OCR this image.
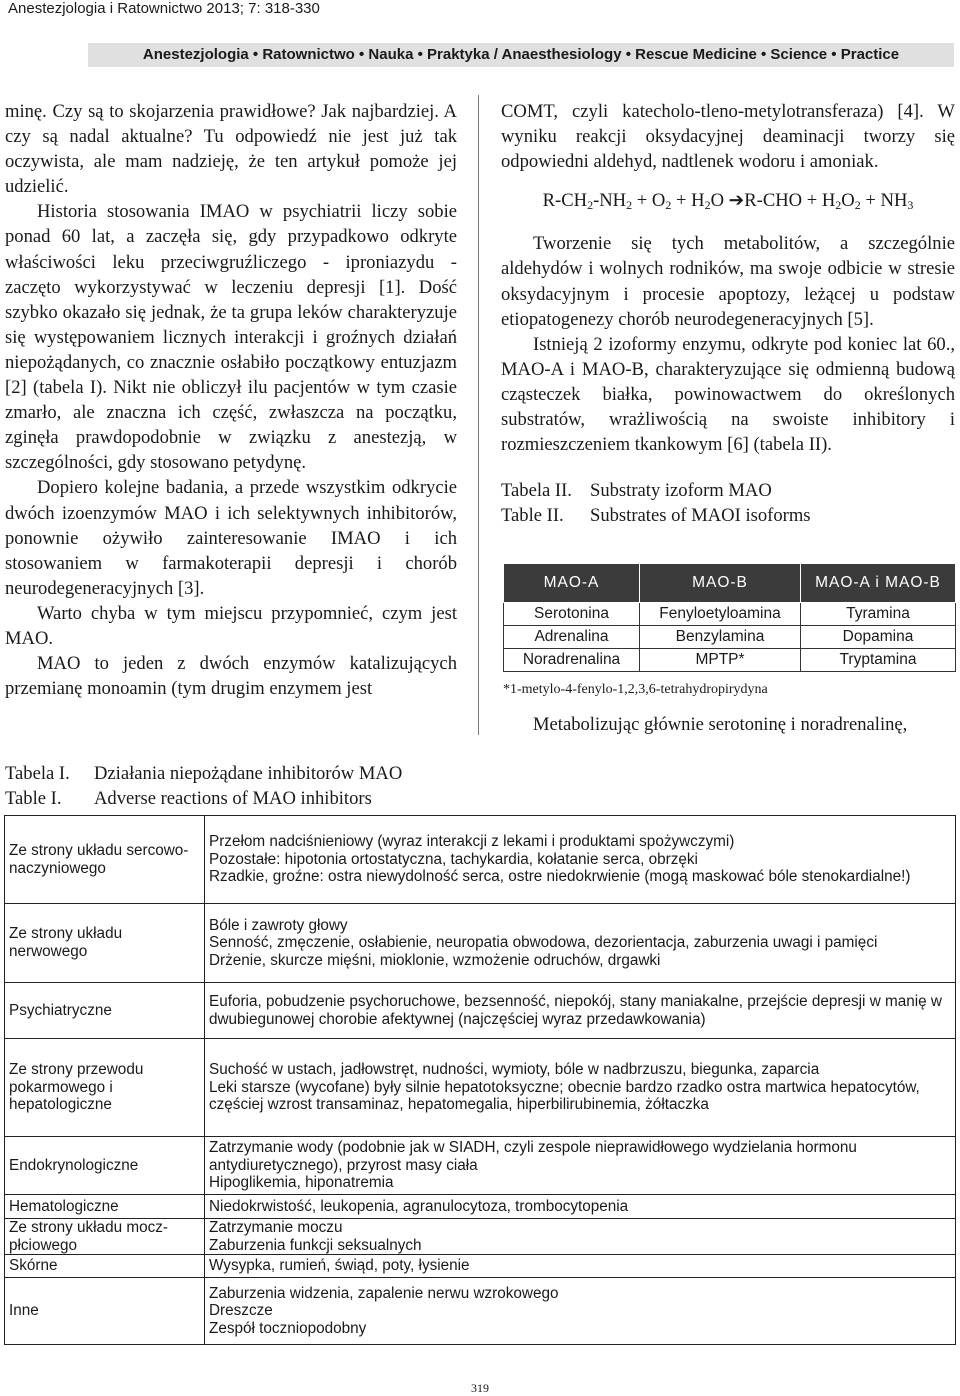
Anestezjologia i Ratownictwo 2013; 7: 318-330
Anestezjologia • Ratownictwo • Nauka • Praktyka / Anaesthesiology • Rescue Medicine • Science • Practice

minę. Czy są to skojarzenia prawidłowe? Jak najbardziej. A czy są nadal aktualne? Tu odpowiedź nie jest już tak oczywista, ale mam nadzieję, że ten artykuł pomoże jej udzielić.

Historia stosowania IMAO w psychiatrii liczy sobie ponad 60 lat, a zaczęła się, gdy przypadkowo odkryte właściwości leku przeciwgruźliczego - iproniazydu - zaczęto wykorzystywać w leczeniu depresji [1]. Dość szybko okazało się jednak, że ta grupa leków charakteryzuje się występowaniem licznych interakcji i groźnych działań niepożądanych, co znacznie osłabiło początkowy entuzjazm [2] (tabela I). Nikt nie obliczył ilu pacjentów w tym czasie zmarło, ale znaczna ich część, zwłaszcza na początku, zginęła prawdopodobnie w związku z anestezją, w szczególności, gdy stosowano petydynę.

Dopiero kolejne badania, a przede wszystkim odkrycie dwóch izoenzymów MAO i ich selektywnych inhibitorów, ponownie ożywiło zainteresowanie IMAO i ich stosowaniem w farmakoterapii depresji i chorób neurodegeneracyjnych [3].

Warto chyba w tym miejscu przypomnieć, czym jest MAO.

MAO to jeden z dwóch enzymów katalizujących przemianę monoamin (tym drugim enzymem jest

COMT, czyli katecholo-tleno-metylotransferaza) [4]. W wyniku reakcji oksydacyjnej deaminacji tworzy się odpowiedni aldehyd, nadtlenek wodoru i amoniak.

$R-CH_2-NH_2 + O_2 + H_2O$ ➔R-CHO + $H_2O_2 + NH_3$

Tworzenie się tych metabolitów, a szczególnie aldehydów i wolnych rodników, ma swoje odbicie w stresie oksydacyjnym i procesie apoptozy, leżącej u podstaw etiopatogenezy chorób neurodegeneracyjnych [5].

Istnieją 2 izoformy enzymu, odkryte pod koniec lat 60., MAO-A i MAO-B, charakteryzujące się odmienną budową cząsteczek białka, powinowactwem do określonych substratów, wrażliwością na swoiste inhibitory i rozmieszczeniem tkankowym [6] (tabela II).

Tabela II. Substraty izoform MAO
Table II. Substrates of MAOI isoforms
MAO-A	MAO-B	MAO-A i MAO-B
Serotonina	Fenyloetyloamina	Tyramina
Adrenalina	Benzylamina	Dopamina
Noradrenalina	MPTP*	Tryptamina
*1-metylo-4-fenylo-1,2,3,6-tetrahydropirydyna

Metabolizując głównie serotoninę i noradrenalinę,

Tabela I. Działania niepożądane inhibitorów MAO
Table I. Adverse reactions of MAO inhibitors
Ze strony układu sercowo-naczyniowego	Przełom nadciśnieniowy (wyraz interakcji z lekami i produktami spożywczymi)
Pozostałe: hipotonia ortostatyczna, tachykardia, kołatanie serca, obrzęki
Rzadkie, groźne: ostra niewydolność serca, ostre niedokrwienie (mogą maskować bóle stenokardialne!)

Ze strony układu nerwowego	Bóle i zawroty głowy
Senność, zmęczenie, osłabienie, neuropatia obwodowa, dezorientacja, zaburzenia uwagi i pamięci
Drżenie, skurcze mięśni, mioklonie, wzmożenie odruchów, drgawki

Psychiatryczne	Euforia, pobudzenie psychoruchowe, bezsenność, niepokój, stany maniakalne, przejście depresji w manię w dwubiegunowej chorobie afektywnej (najczęściej wyraz przedawkowania)

Ze strony przewodu pokarmowego i hepatologiczne	Suchość w ustach, jadłowstręt, nudności, wymioty, bóle w nadbrzuszu, biegunka, zaparcia
Leki starsze (wycofane) były silnie hepatotoksyczne; obecnie bardzo rzadko ostra martwica hepatocytów, częściej wzrost transaminaz, hepatomegalia, hiperbilirubinemia, żółtaczka

Endokrynologiczne	Zatrzymanie wody (podobnie jak w SIADH, czyli zespole nieprawidłowego wydzielania hormonu antydiuretycznego), przyrost masy ciała
Hipoglikemia, hiponatremia

Hematologiczne	Niedokrwistość, leukopenia, agranulocytoza, trombocytopenia

Ze strony układu mocz-płciowego	Zatrzymanie moczu
Zaburzenia funkcji seksualnych

Skórne	Wysypka, rumień, świąd, poty, łysienie

Inne	Zaburzenia widzenia, zapalenie nerwu wzrokowego
Dreszcze
Zespół toczniopodobny
319
